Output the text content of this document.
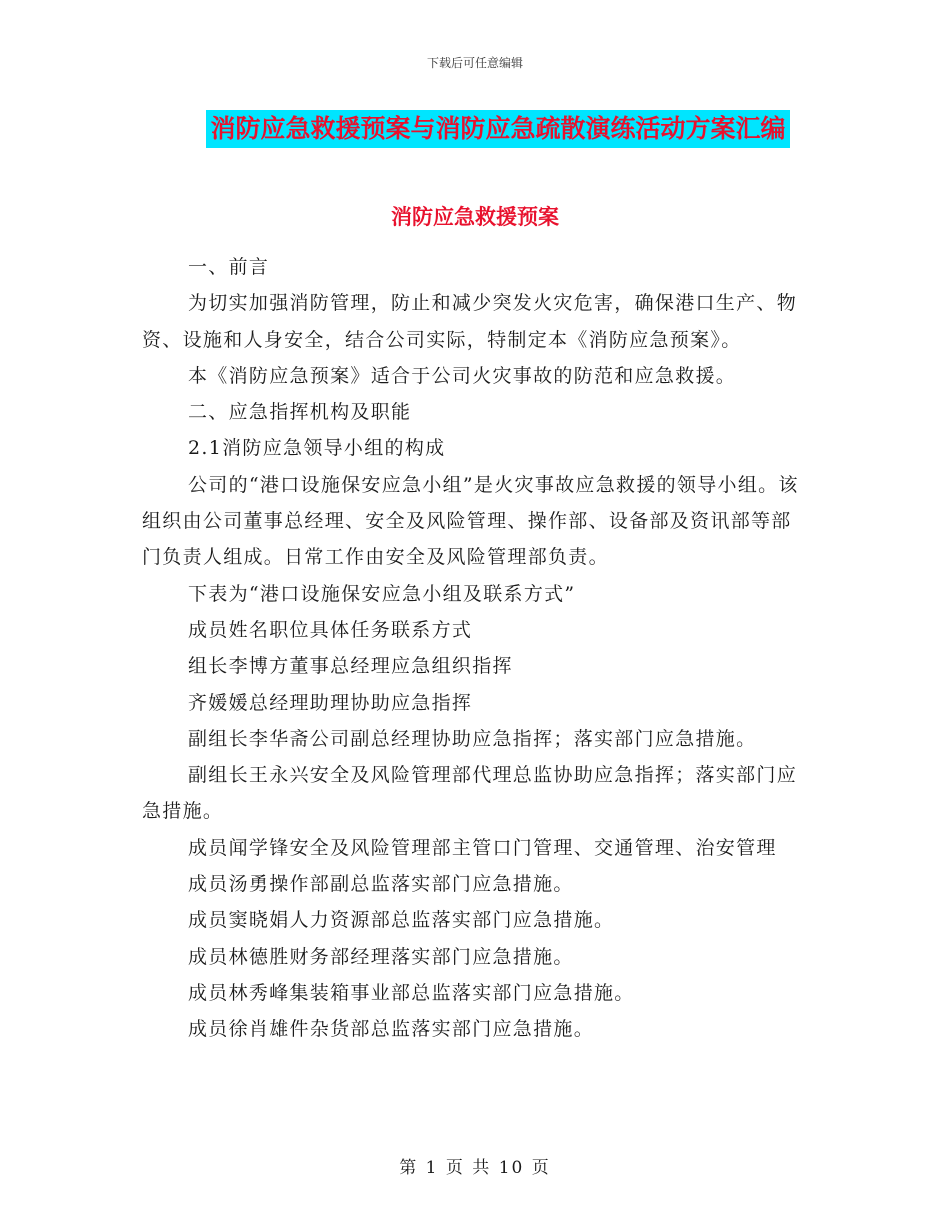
下载后可任意编辑
消防应急救援预案与消防应急疏散演练活动方案汇编
消防应急救援预案

一、前言

为切实加强消防管理，防止和减少突发火灾危害，确保港口生产、物资、设施和人身安全，结合公司实际，特制定本《消防应急预案》。

本《消防应急预案》适合于公司火灾事故的防范和应急救援。

二、应急指挥机构及职能

2.1消防应急领导小组的构成

公司的“港口设施保安应急小组”是火灾事故应急救援的领导小组。该组织由公司董事总经理、安全及风险管理、操作部、设备部及资讯部等部门负责人组成。日常工作由安全及风险管理部负责。

下表为“港口设施保安应急小组及联系方式”

成员姓名职位具体任务联系方式

组长李博方董事总经理应急组织指挥

齐媛媛总经理助理协助应急指挥

副组长李华斋公司副总经理协助应急指挥；落实部门应急措施。

副组长王永兴安全及风险管理部代理总监协助应急指挥；落实部门应急措施。

成员闻学锋安全及风险管理部主管口门管理、交通管理、治安管理

成员汤勇操作部副总监落实部门应急措施。

成员窦晓娟人力资源部总监落实部门应急措施。

成员林德胜财务部经理落实部门应急措施。

成员林秀峰集装箱事业部总监落实部门应急措施。

成员徐肖雄件杂货部总监落实部门应急措施。

第 1 页 共 10 页
